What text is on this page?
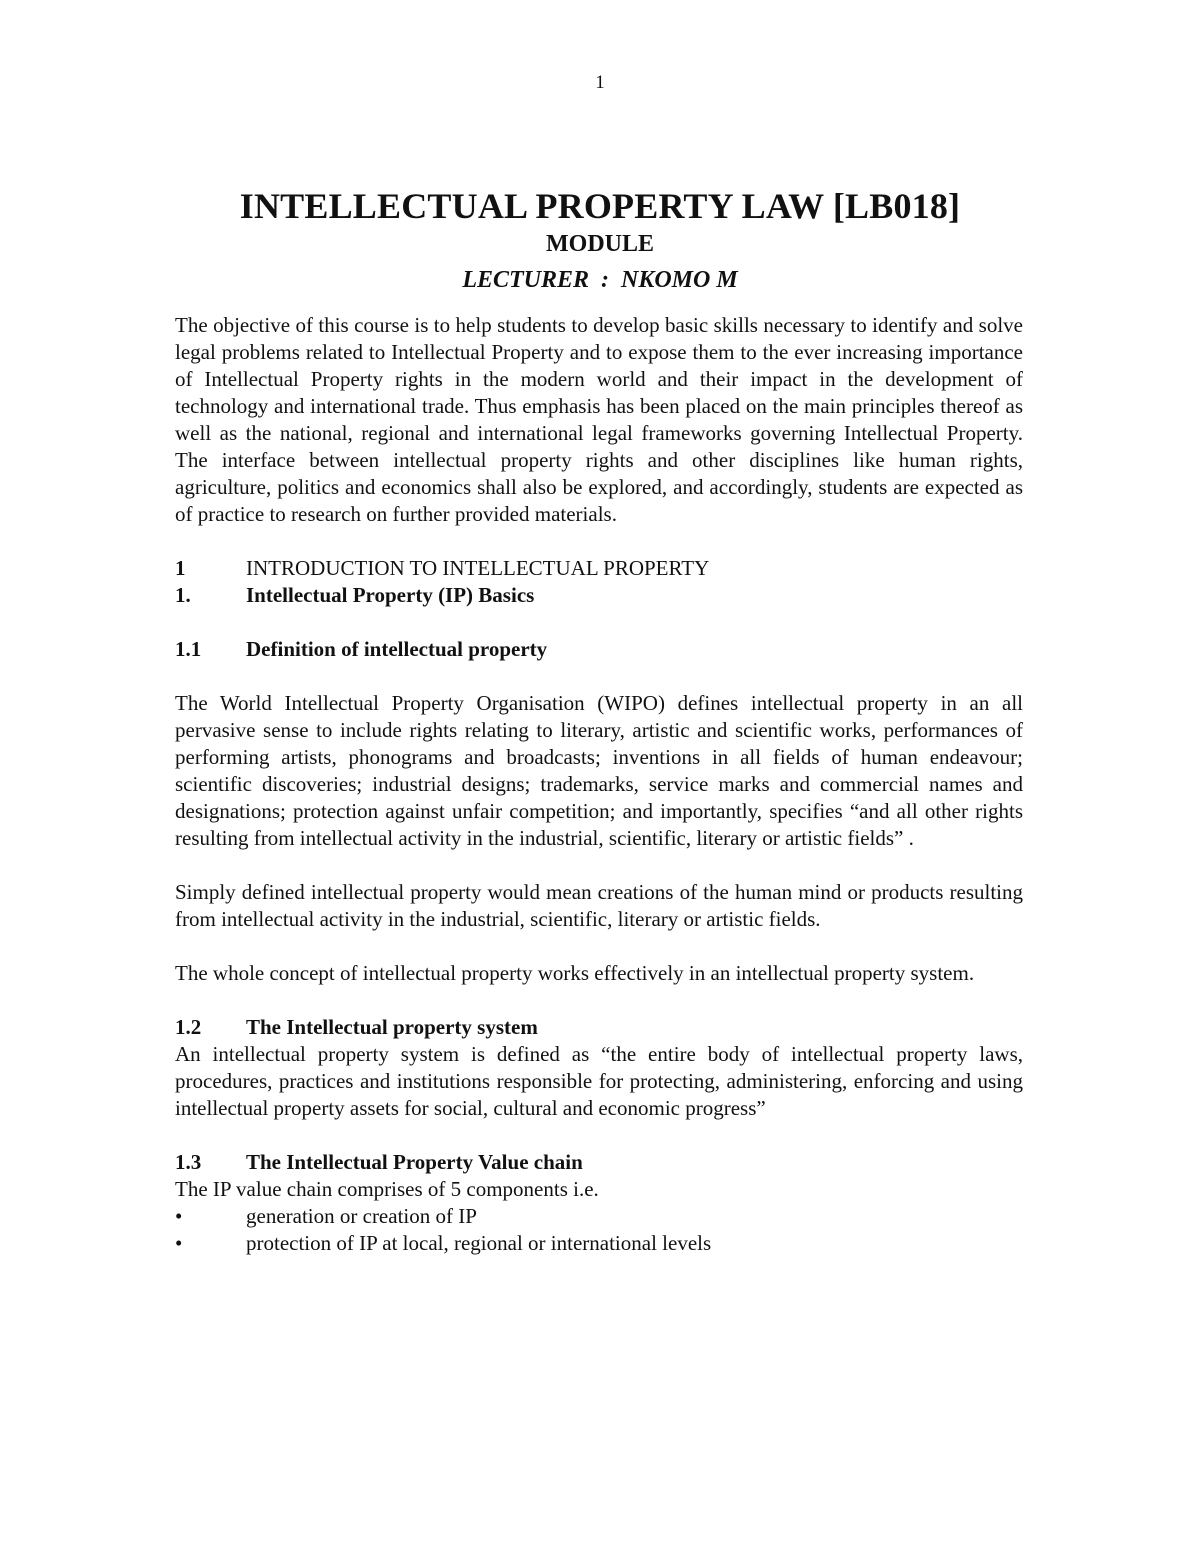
1
INTELLECTUAL PROPERTY LAW [LB018]
MODULE
LECTURER  :  NKOMO M

The objective of this course is to help students to develop basic skills necessary to identify and solve legal problems related to Intellectual Property and to expose them to the ever increasing importance of Intellectual Property rights in the modern world and their impact in the development of technology and international trade. Thus emphasis has been placed on the main principles thereof as well as the national, regional and international legal frameworks governing Intellectual Property. The interface between intellectual property rights and other disciplines like human rights, agriculture, politics and economics shall also be explored, and accordingly, students are expected as of practice to research on further provided materials.

1	INTRODUCTION TO INTELLECTUAL PROPERTY
1.	Intellectual Property (IP) Basics
1.1	Definition of intellectual property

The World Intellectual Property Organisation (WIPO) defines intellectual property in an all pervasive sense to include rights relating to literary, artistic and scientific works, performances of performing artists, phonograms and broadcasts; inventions in all fields of human endeavour; scientific discoveries; industrial designs; trademarks, service marks and commercial names and designations; protection against unfair competition; and importantly, specifies “and all other rights resulting from intellectual activity in the industrial, scientific, literary or artistic fields” .

Simply defined intellectual property would mean creations of the human mind or products resulting from intellectual activity in the industrial, scientific, literary or artistic fields.

The whole concept of intellectual property works effectively in an intellectual property system.

1.2	The Intellectual property system

An intellectual property system is defined as “the entire body of intellectual property laws, procedures, practices and institutions responsible for protecting, administering, enforcing and using intellectual property assets for social, cultural and economic progress”

1.3	The Intellectual Property Value chain

The IP value chain comprises of 5 components i.e.

•	generation or creation of IP
•	protection of IP at local, regional or international levels
